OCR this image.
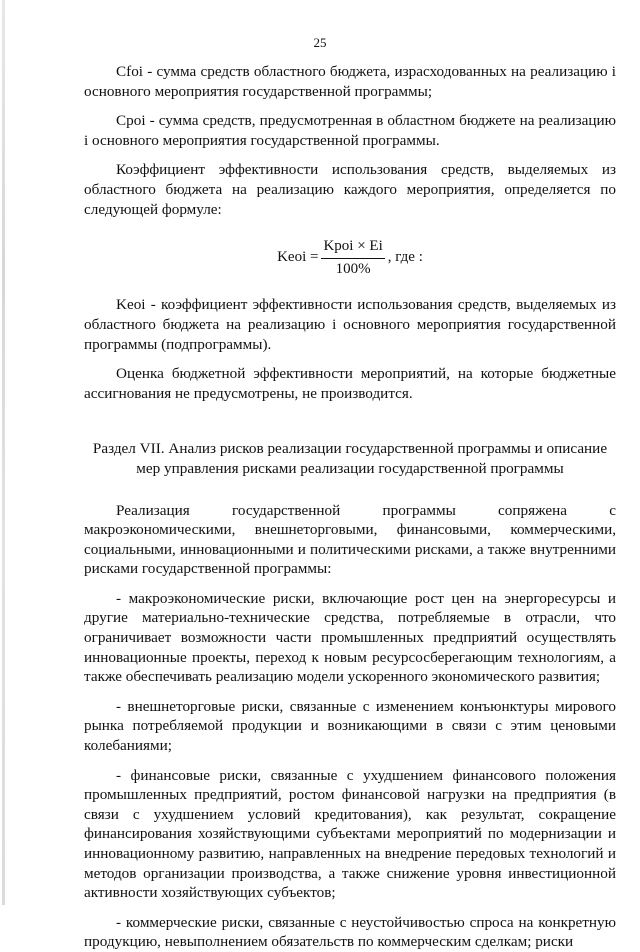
25

Cfoi - сумма средств областного бюджета, израсходованных на реализацию i основного мероприятия государственной программы;

Cpoi - сумма средств, предусмотренная в областном бюджете на реализацию i основного мероприятия государственной программы.

Коэффициент эффективности использования средств, выделяемых из областного бюджета на реализацию каждого мероприятия, определяется по следующей формуле:

Keoi = $\frac{\text{Kpoi × Ei}}{100\%}$ , где :

Keoi - коэффициент эффективности использования средств, выделяемых из областного бюджета на реализацию i основного мероприятия государственной программы (подпрограммы).

Оценка бюджетной эффективности мероприятий, на которые бюджетные ассигнования не предусмотрены, не производится.

Раздел VII. Анализ рисков реализации государственной программы и описание
мер управления рисками реализации государственной программы

Реализация государственной программы сопряжена с макроэкономическими, внешнеторговыми, финансовыми, коммерческими, социальными, инновационными и политическими рисками, а также внутренними рисками государственной программы:

- макроэкономические риски, включающие рост цен на энергоресурсы и другие материально-технические средства, потребляемые в отрасли, что ограничивает возможности части промышленных предприятий осуществлять инновационные проекты, переход к новым ресурсосберегающим технологиям, а также обеспечивать реализацию модели ускоренного экономического развития;

- внешнеторговые риски, связанные с изменением конъюнктуры мирового рынка потребляемой продукции и возникающими в связи с этим ценовыми колебаниями;

- финансовые риски, связанные с ухудшением финансового положения промышленных предприятий, ростом финансовой нагрузки на предприятия (в связи с ухудшением условий кредитования), как результат, сокращение финансирования хозяйствующими субъектами мероприятий по модернизации и инновационному развитию, направленных на внедрение передовых технологий и методов организации производства, а также снижение уровня инвестиционной активности хозяйствующих субъектов;

- коммерческие риски, связанные с неустойчивостью спроса на конкретную продукцию, невыполнением обязательств по коммерческим сделкам; риски
